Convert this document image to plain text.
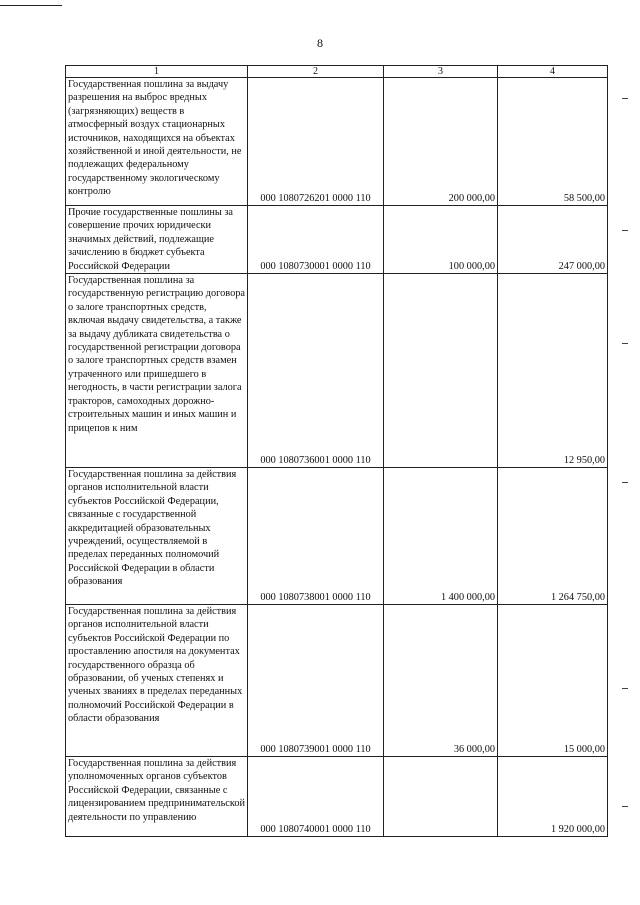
8
1	2	3	4
Государственная пошлина за выдачу разрешения на выброс вредных (загрязняющих) веществ в атмосферный воздух стационарных источников, находящихся на объектах хозяйственной и иной деятельности, не подлежащих федеральному государственному экологическому контролю	000 1080726201 0000 110	200 000,00	58 500,00
Прочие государственные пошлины за совершение прочих юридически значимых действий, подлежащие зачислению в бюджет субъекта Российской Федерации	000 1080730001 0000 110	100 000,00	247 000,00
Государственная пошлина за государственную регистрацию договора о залоге транспортных средств, включая выдачу свидетельства, а также за выдачу дубликата свидетельства о государственной регистрации договора о залоге транспортных средств взамен утраченного или пришедшего в негодность, в части регистрации залога тракторов, самоходных дорожно-строительных машин и иных машин и прицепов к ним	000 1080736001 0000 110		12 950,00
Государственная пошлина за действия органов исполнительной власти субъектов Российской Федерации, связанные с государственной аккредитацией образовательных учреждений, осуществляемой в пределах переданных полномочий Российской Федерации в области образования	000 1080738001 0000 110	1 400 000,00	1 264 750,00
Государственная пошлина за действия органов исполнительной власти субъектов Российской Федерации по проставлению апостиля на документах государственного образца об образовании, об ученых степенях и ученых званиях в пределах переданных полномочий Российской Федерации в области образования	000 1080739001 0000 110	36 000,00	15 000,00
Государственная пошлина за действия уполномоченных органов субъектов Российской Федерации, связанные с лицензированием предпринимательской деятельности по управлению	000 1080740001 0000 110		1 920 000,00
